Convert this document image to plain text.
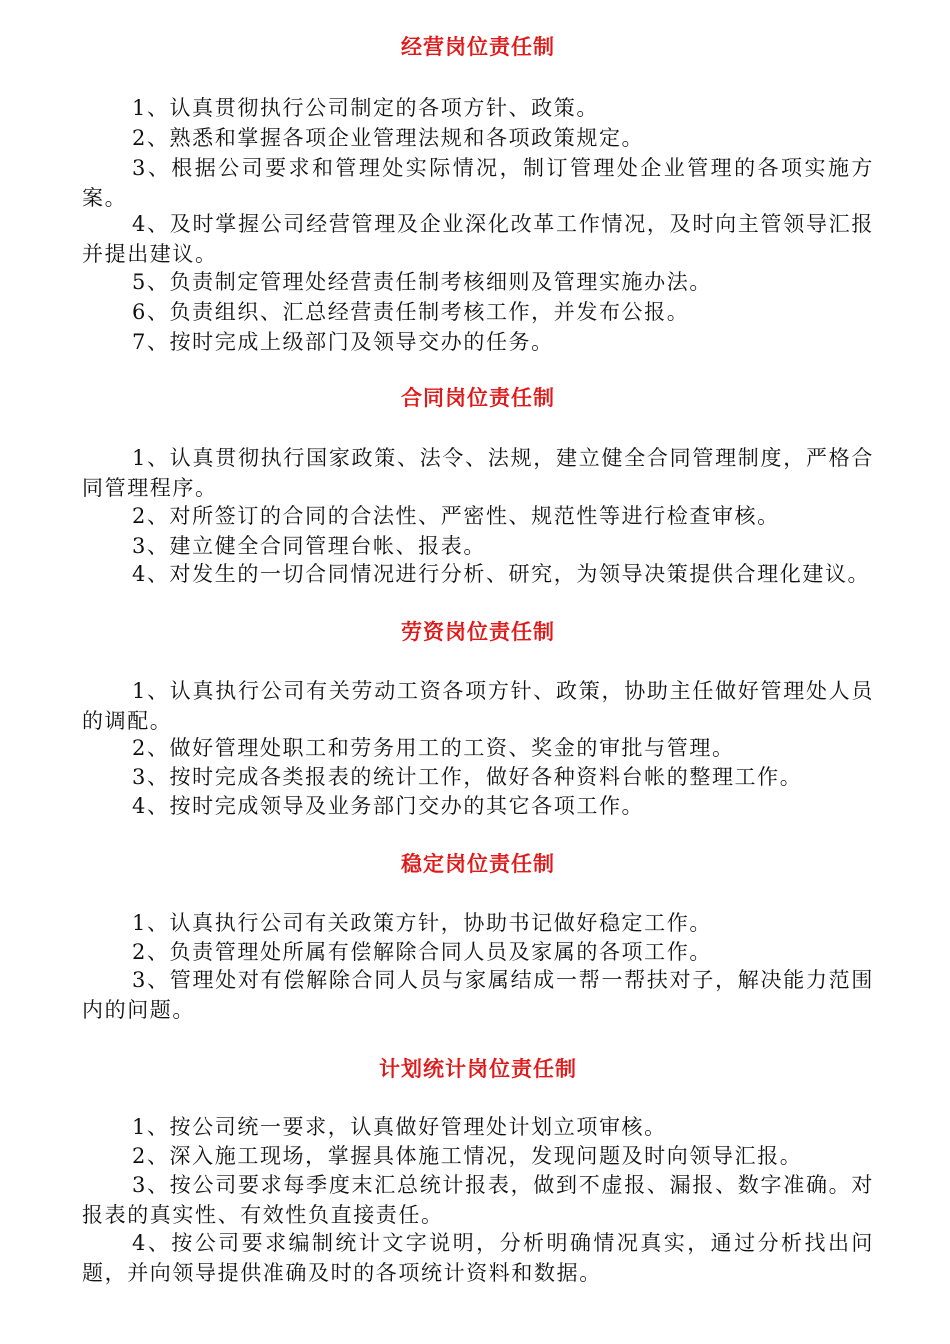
经营岗位责任制
1、认真贯彻执行公司制定的各项方针、政策。
2、熟悉和掌握各项企业管理法规和各项政策规定。
3、根据公司要求和管理处实际情况，制订管理处企业管理的各项实施方案。
4、及时掌握公司经营管理及企业深化改革工作情况，及时向主管领导汇报并提出建议。
5、负责制定管理处经营责任制考核细则及管理实施办法。
6、负责组织、汇总经营责任制考核工作，并发布公报。
7、按时完成上级部门及领导交办的任务。
合同岗位责任制
1、认真贯彻执行国家政策、法令、法规，建立健全合同管理制度，严格合同管理程序。
2、对所签订的合同的合法性、严密性、规范性等进行检查审核。
3、建立健全合同管理台帐、报表。
4、对发生的一切合同情况进行分析、研究，为领导决策提供合理化建议。
劳资岗位责任制
1、认真执行公司有关劳动工资各项方针、政策，协助主任做好管理处人员的调配。
2、做好管理处职工和劳务用工的工资、奖金的审批与管理。
3、按时完成各类报表的统计工作，做好各种资料台帐的整理工作。
4、按时完成领导及业务部门交办的其它各项工作。
稳定岗位责任制
1、认真执行公司有关政策方针，协助书记做好稳定工作。
2、负责管理处所属有偿解除合同人员及家属的各项工作。
3、管理处对有偿解除合同人员与家属结成一帮一帮扶对子，解决能力范围内的问题。
计划统计岗位责任制
1、按公司统一要求，认真做好管理处计划立项审核。
2、深入施工现场，掌握具体施工情况，发现问题及时向领导汇报。
3、按公司要求每季度末汇总统计报表，做到不虚报、漏报、数字准确。对报表的真实性、有效性负直接责任。
4、按公司要求编制统计文字说明，分析明确情况真实，通过分析找出问题，并向领导提供准确及时的各项统计资料和数据。
